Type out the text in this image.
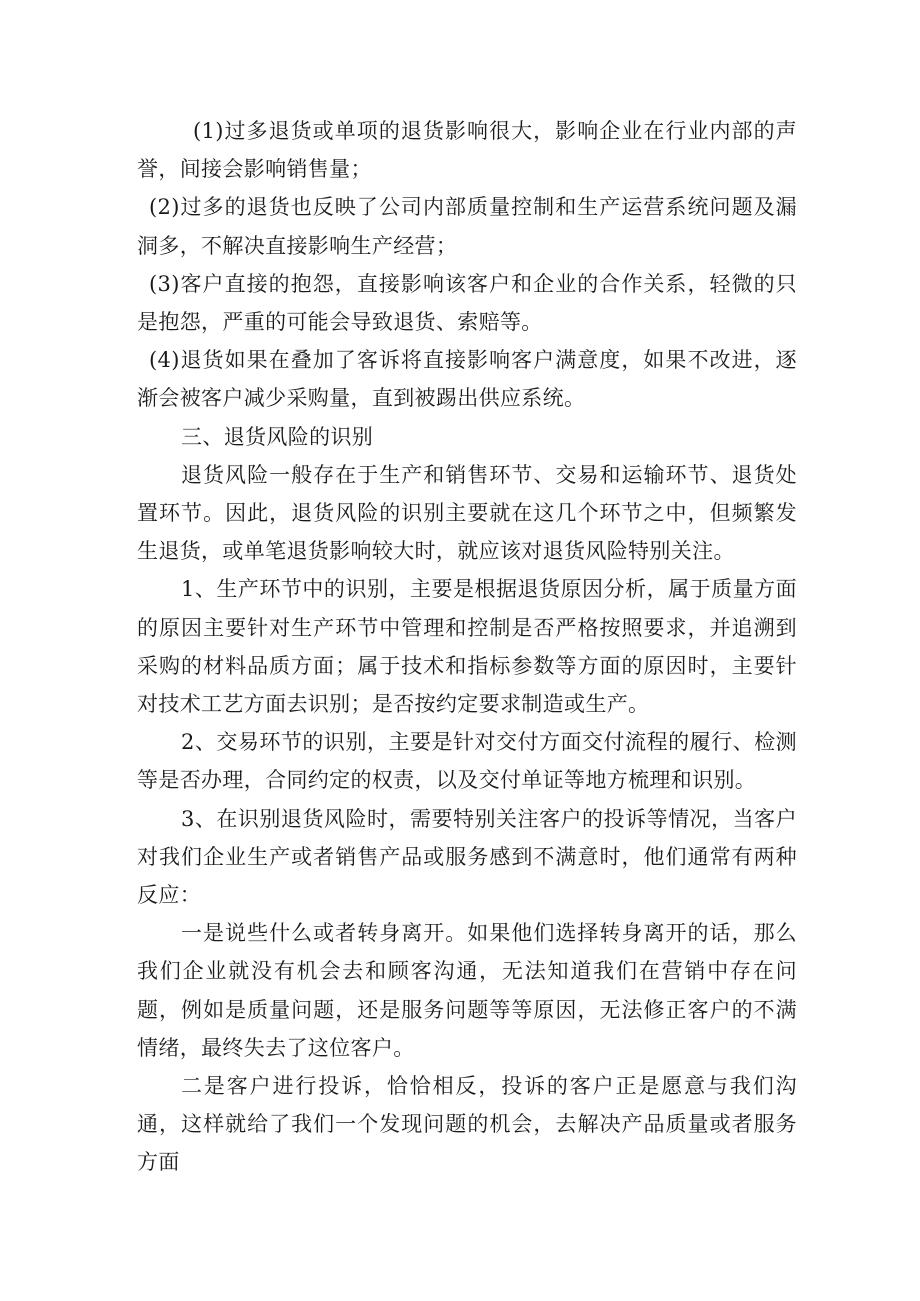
(1)过多退货或单项的退货影响很大，影响企业在行业内部的声誉，间接会影响销售量；

(2)过多的退货也反映了公司内部质量控制和生产运营系统问题及漏洞多，不解决直接影响生产经营；

(3)客户直接的抱怨，直接影响该客户和企业的合作关系，轻微的只是抱怨，严重的可能会导致退货、索赔等。

(4)退货如果在叠加了客诉将直接影响客户满意度，如果不改进，逐渐会被客户减少采购量，直到被踢出供应系统。

三、退货风险的识别

退货风险一般存在于生产和销售环节、交易和运输环节、退货处置环节。因此，退货风险的识别主要就在这几个环节之中，但频繁发生退货，或单笔退货影响较大时，就应该对退货风险特别关注。

1、生产环节中的识别，主要是根据退货原因分析，属于质量方面的原因主要针对生产环节中管理和控制是否严格按照要求，并追溯到采购的材料品质方面；属于技术和指标参数等方面的原因时，主要针对技术工艺方面去识别；是否按约定要求制造或生产。

2、交易环节的识别，主要是针对交付方面交付流程的履行、检测等是否办理，合同约定的权责，以及交付单证等地方梳理和识别。

3、在识别退货风险时，需要特别关注客户的投诉等情况，当客户对我们企业生产或者销售产品或服务感到不满意时，他们通常有两种反应：

一是说些什么或者转身离开。如果他们选择转身离开的话，那么我们企业就没有机会去和顾客沟通，无法知道我们在营销中存在问题，例如是质量问题，还是服务问题等等原因，无法修正客户的不满情绪，最终失去了这位客户。

二是客户进行投诉，恰恰相反，投诉的客户正是愿意与我们沟通，这样就给了我们一个发现问题的机会，去解决产品质量或者服务方面
